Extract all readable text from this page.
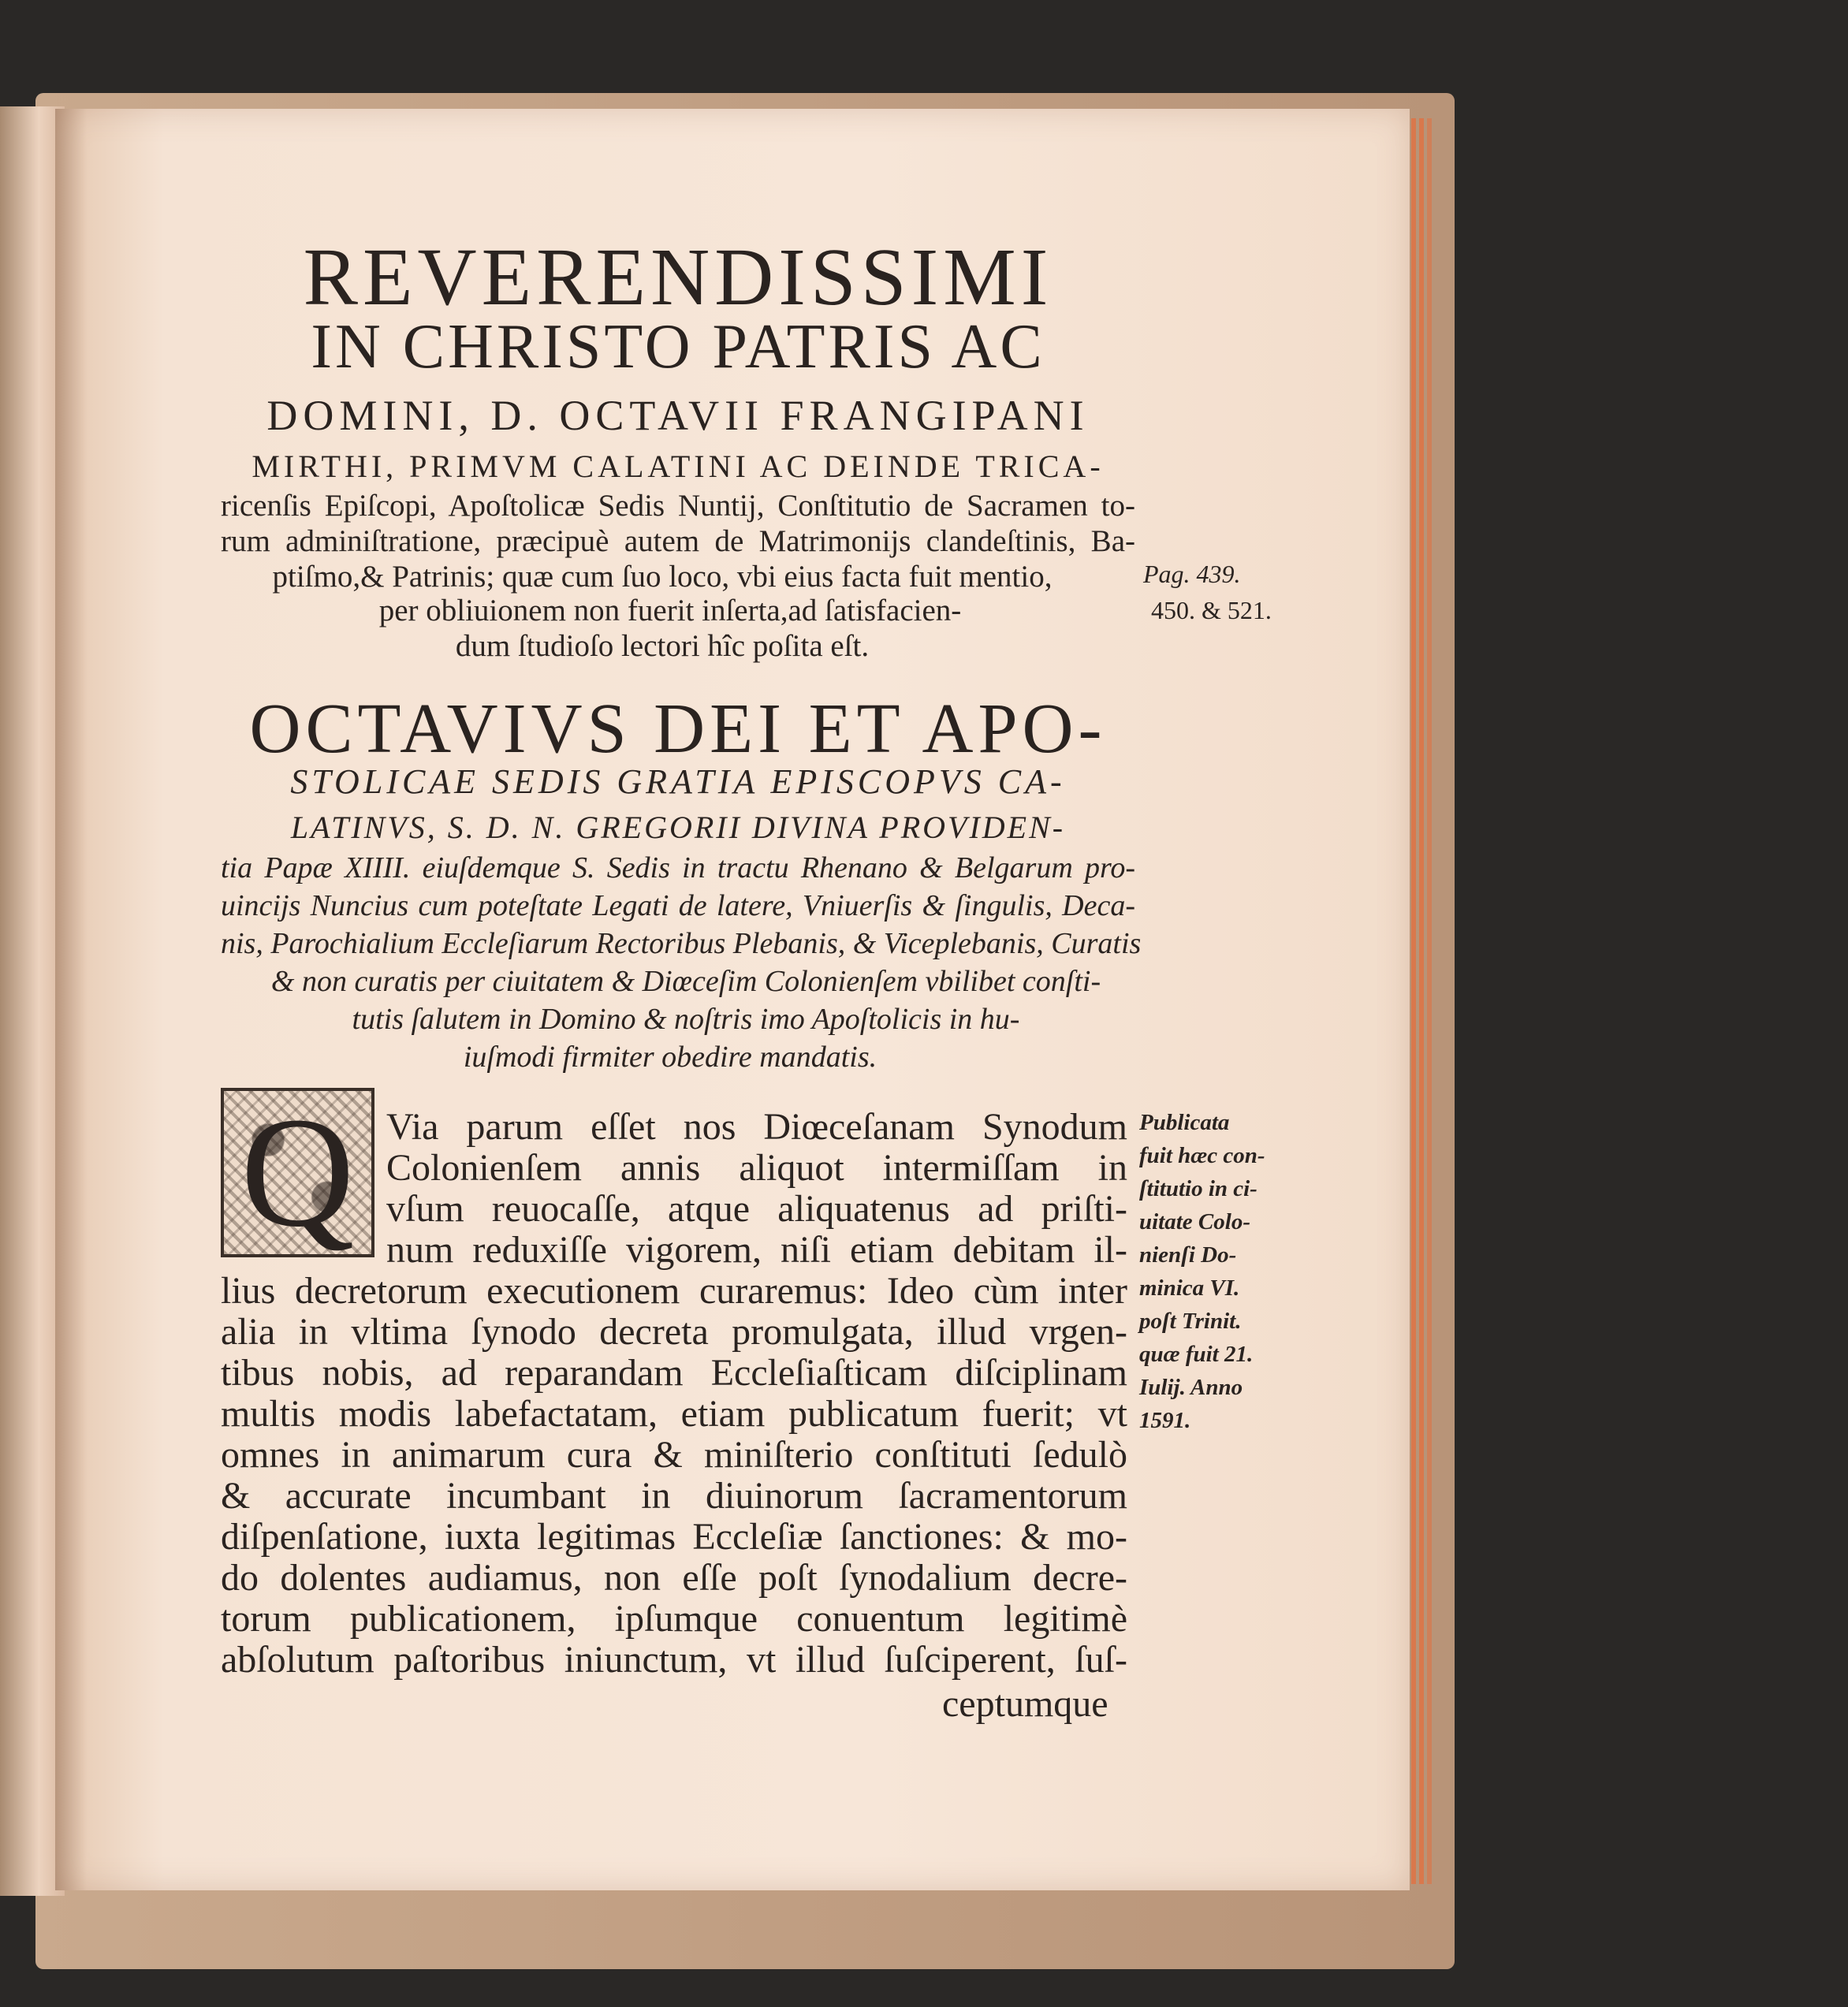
REVERENDISSIMI
IN CHRISTO PATRIS AC
DOMINI, D. OCTAVII FRANGIPANI
MIRTHI, PRIMVM CALATINI AC DEINDE TRICA-
ricenſis Epiſcopi, Apoſtolicæ Sedis Nuntij, Conſtitutio de Sacramen to-
rum adminiſtratione, præcipuè autem de Matrimonijs clandeſtinis, Ba-
ptiſmo,& Patrinis; quæ cum ſuo loco, vbi eius facta fuit mentio,
per obliuionem non fuerit inſerta,ad ſatisfacien-
dum ſtudioſo lectori hîc poſita eſt.
Pag. 439.
450. & 521.
OCTAVIVS DEI ET APO-
STOLICAE SEDIS GRATIA EPISCOPVS CA-
LATINVS, S. D. N. GREGORII DIVINA PROVIDEN-
tia Papæ XIIII. eiuſdemque S. Sedis in tractu Rhenano & Belgarum pro-
uincijs Nuncius cum poteſtate Legati de latere, Vniuerſis & ſingulis, Deca-
nis, Parochialium Eccleſiarum Rectoribus Plebanis, & Viceplebanis, Curatis
& non curatis per ciuitatem & Diœceſim Colonienſem vbilibet conſti-
tutis ſalutem in Domino & noſtris imo Apoſtolicis in hu-
iuſmodi firmiter obedire mandatis.
Q Via parum eſſet nos Diœceſanam Synodum
Colonienſem annis aliquot intermiſſam in
vſum reuocaſſe, atque aliquatenus ad priſti-
num reduxiſſe vigorem, niſi etiam debitam il-
lius decretorum executionem curaremus: Ideo cùm inter
alia in vltima ſynodo decreta promulgata, illud vrgen-
tibus nobis, ad reparandam Eccleſiaſticam diſciplinam
multis modis labefactatam, etiam publicatum fuerit; vt
omnes in animarum cura & miniſterio conſtituti ſedulò
& accurate incumbant in diuinorum ſacramentorum
diſpenſatione, iuxta legitimas Eccleſiæ ſanctiones: & mo-
do dolentes audiamus, non eſſe poſt ſynodalium decre-
torum publicationem, ipſumque conuentum legitimè
abſolutum paſtoribus iniunctum, vt illud ſuſciperent, ſuſ-
ceptumque
Publicata
fuit hæc con-
ſtitutio in ci-
uitate Colo-
nienſi Do-
minica VI.
poſt Trinit.
quæ fuit 21.
Iulij. Anno
1591.
